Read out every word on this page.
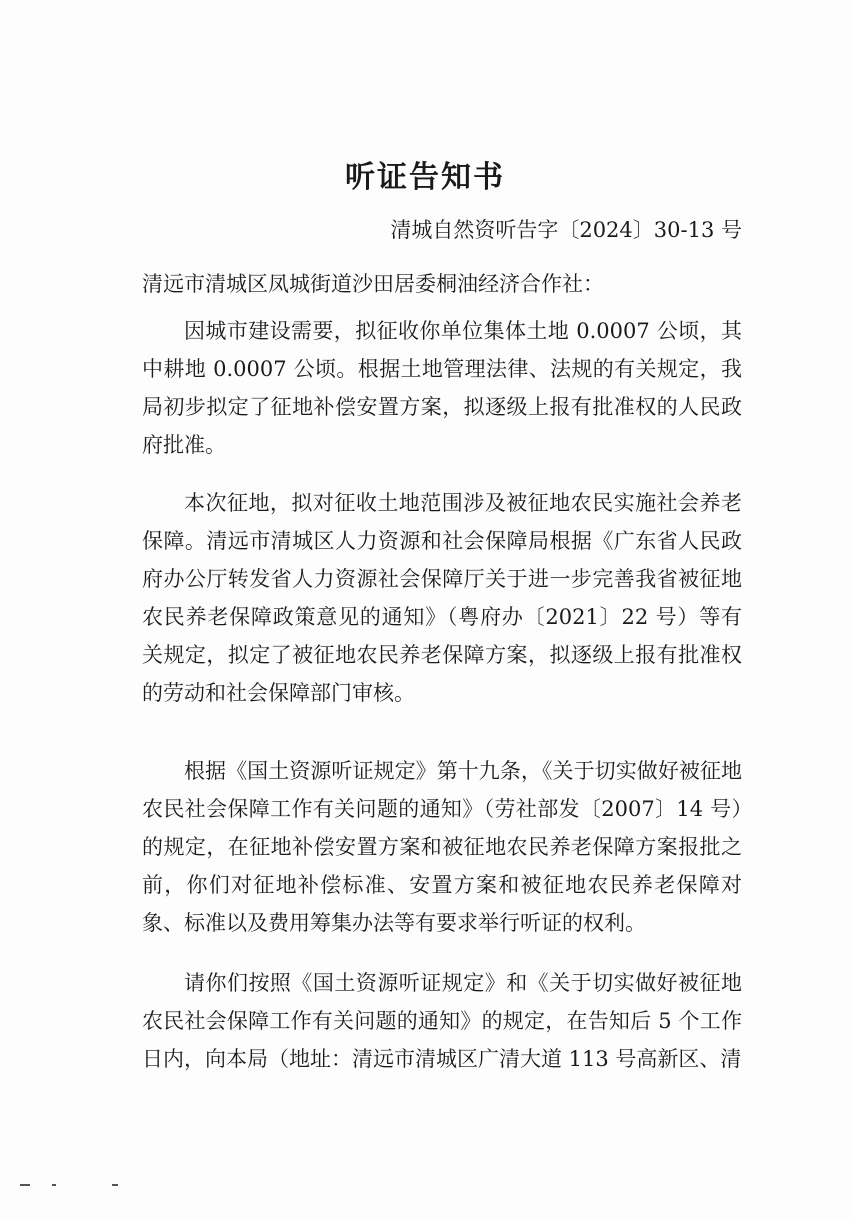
听证告知书
清城自然资听告字〔2024〕30-13 号
清远市清城区凤城街道沙田居委桐油经济合作社：
因城市建设需要，拟征收你单位集体土地 0.0007 公顷，其中耕地 0.0007 公顷。根据土地管理法律、法规的有关规定，我局初步拟定了征地补偿安置方案，拟逐级上报有批准权的人民政府批准。
本次征地，拟对征收土地范围涉及被征地农民实施社会养老保障。清远市清城区人力资源和社会保障局根据《广东省人民政府办公厅转发省人力资源社会保障厅关于进一步完善我省被征地农民养老保障政策意见的通知》（粤府办〔2021〕22 号）等有关规定，拟定了被征地农民养老保障方案，拟逐级上报有批准权的劳动和社会保障部门审核。
根据《国土资源听证规定》第十九条，《关于切实做好被征地农民社会保障工作有关问题的通知》（劳社部发〔2007〕14 号）的规定，在征地补偿安置方案和被征地农民养老保障方案报批之前，你们对征地补偿标准、安置方案和被征地农民养老保障对象、标准以及费用筹集办法等有要求举行听证的权利。
请你们按照《国土资源听证规定》和《关于切实做好被征地农民社会保障工作有关问题的通知》的规定，在告知后 5 个工作日内，向本局（地址：清远市清城区广清大道 113 号高新区、清
